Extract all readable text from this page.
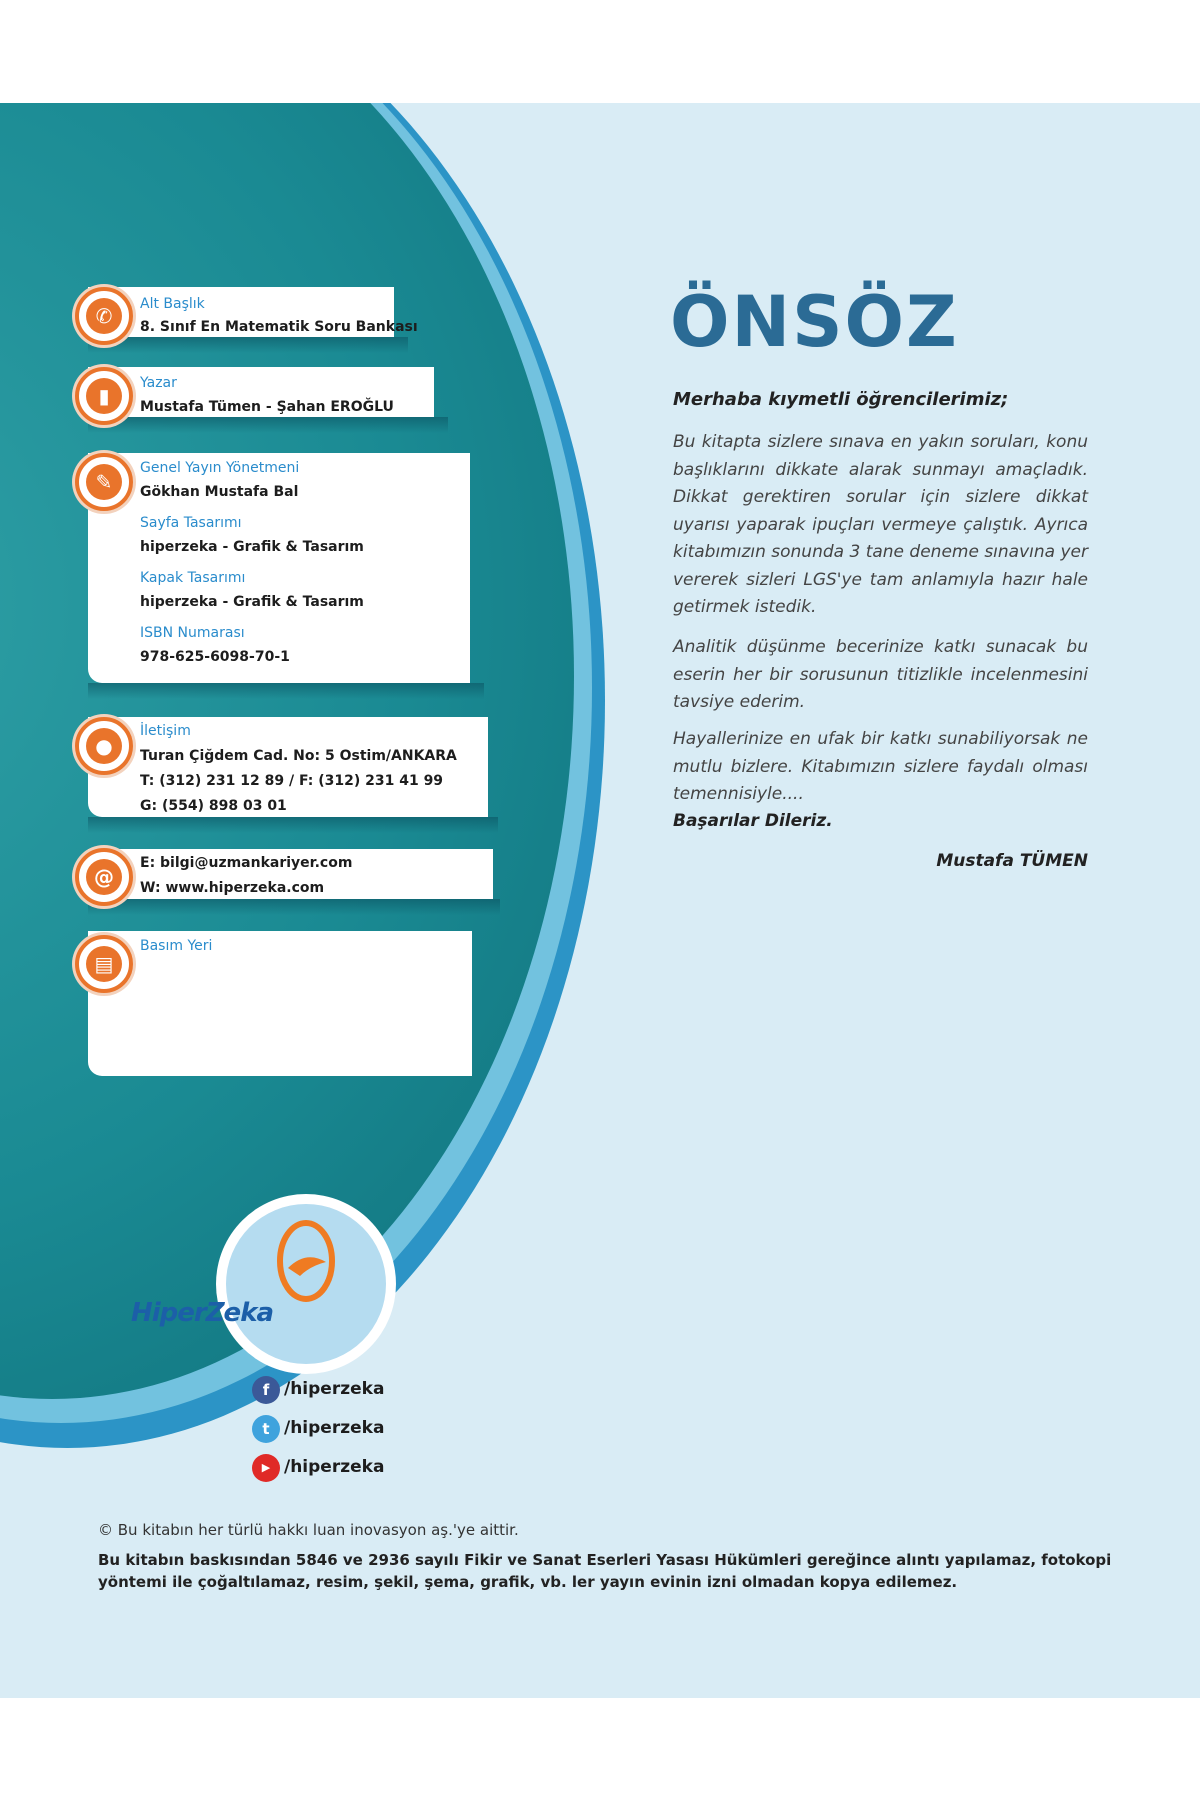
✆	Alt Başlık
8. Sınıf En Matematik Soru Bankası
▮
Yazar
Mustafa Tümen - Şahan EROĞLU
✎
Genel Yayın Yönetmeni
Gökhan Mustafa Bal
Sayfa Tasarımı
hiperzeka - Grafik & Tasarım
Kapak Tasarımı
hiperzeka - Grafik & Tasarım
ISBN Numarası
978-625-6098-70-1
●
İletişim
Turan Çiğdem Cad. No: 5 Ostim/ANKARA
T: (312) 231 12 89 / F: (312) 231 41 99
G: (554) 898 03 01
@
E: bilgi@uzmankariyer.com
W: www.hiperzeka.com
▤
Basım Yeri
ÖNSÖZ
Merhaba kıymetli öğrencilerimiz;
Bu kitapta sizlere sınava en yakın soruları, konu başlıklarını dikkate alarak sunmayı amaçladık. Dikkat gerektiren sorular için sizlere dikkat uyarısı yaparak ipuçları vermeye çalıştık. Ayrıca kitabımızın sonunda 3 tane deneme sınavına yer vererek sizleri LGS'ye tam anlamıyla hazır hale getirmek istedik.
Analitik düşünme becerinize katkı sunacak bu eserin her bir sorusunun titizlikle incelenmesini tavsiye ederim.
Hayallerinize en ufak bir katkı sunabiliyorsak ne mutlu bizlere. Kitabımızın sizlere faydalı olması temennisiyle....
Başarılar Dileriz.
Mustafa TÜMEN
HiperZeka
f /hiperzeka
t /hiperzeka
▶ /hiperzeka
© Bu kitabın her türlü hakkı luan inovasyon aş.'ye aittir.
Bu kitabın baskısından 5846 ve 2936 sayılı Fikir ve Sanat Eserleri Yasası Hükümleri gereğince alıntı yapılamaz, fotokopi yöntemi ile çoğaltılamaz, resim, şekil, şema, grafik, vb. ler yayın evinin izni olmadan kopya edilemez.
